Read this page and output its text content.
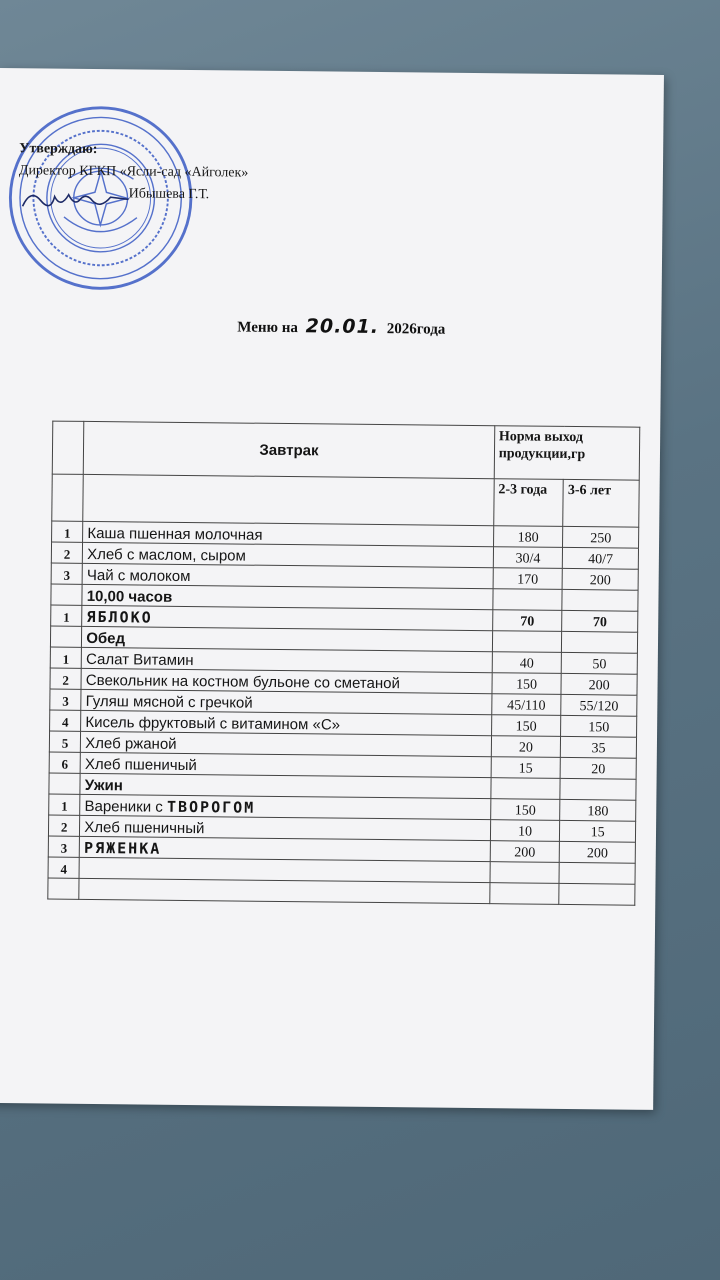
Утверждаю:
Директор КГКП «Ясли-сад «Айголек»
Ибышева Г.Т.
Меню на 20.01. 2026года
	Завтрак	Норма выход продукции,гр	
		2-3 года	3-6 лет
1	Каша пшенная молочная	180	250
2	Хлеб с маслом, сыром	30/4	40/7
3	Чай с молоком	170	200
	10,00 часов		
1	ЯБЛОКО	70	70
	Обед		
1	Салат Витамин	40	50
2	Свекольник на костном бульоне со сметаной	150	200
3	Гуляш мясной с гречкой	45/110	55/120
4	Кисель фруктовый с витамином «С»	150	150
5	Хлеб ржаной	20	35
6	Хлеб пшеничый	15	20
	Ужин		
1	Вареники с ТВОРОГОМ	150	180
2	Хлеб пшеничный	10	15
3	РЯЖЕНКА	200	200
4			
